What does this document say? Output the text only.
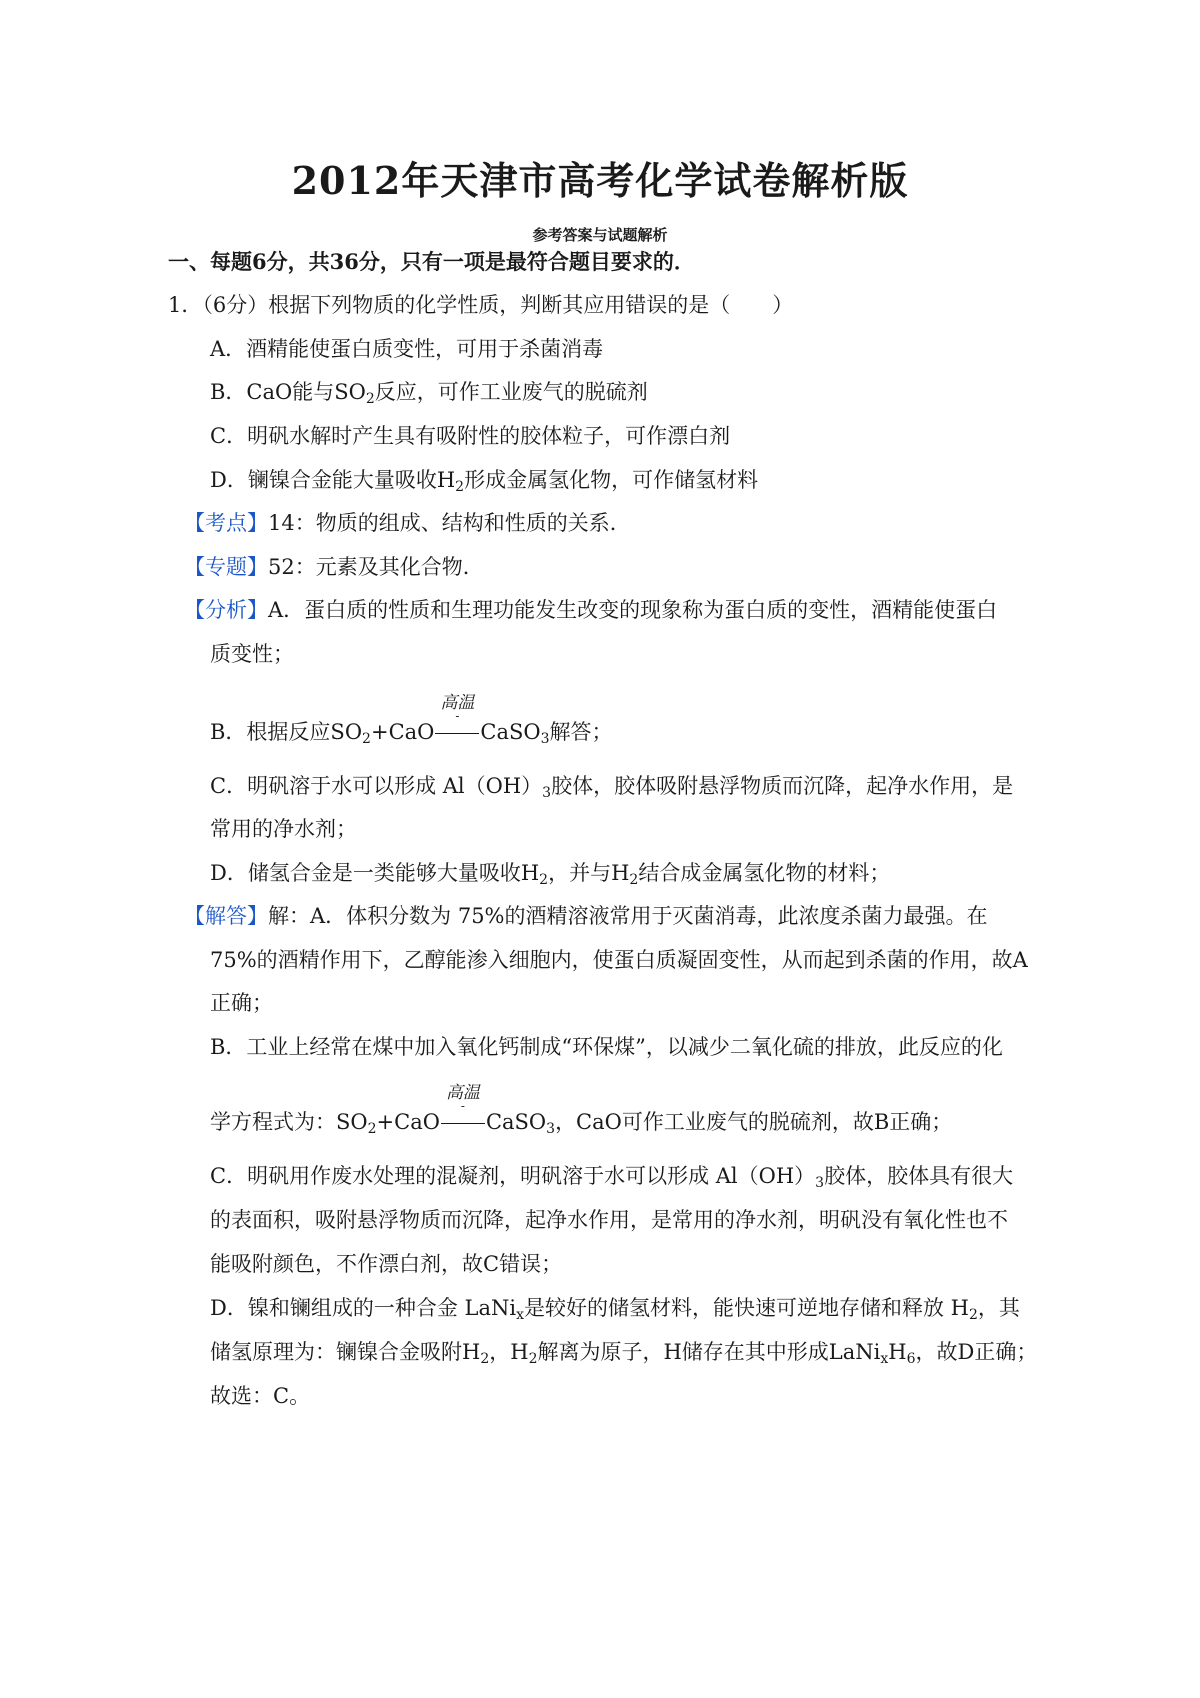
2012年天津市高考化学试卷解析版
参考答案与试题解析
一、每题6分，共36分，只有一项是最符合题目要求的．
1．（6分）根据下列物质的化学性质，判断其应用错误的是（　　）
A．酒精能使蛋白质变性，可用于杀菌消毒
B．CaO能与$SO_2$反应，可作工业废气的脱硫剂
C．明矾水解时产生具有吸附性的胶体粒子，可作漂白剂
D．镧镍合金能大量吸收$H_2$形成金属氢化物，可作储氢材料
【考点】14：物质的组成、结构和性质的关系．
【专题】52：元素及其化合物．
【分析】A．蛋白质的性质和生理功能发生改变的现象称为蛋白质的变性，酒精能使蛋白
质变性；
B．根据反应$SO_2+CaO$
高温
-
CaSO$_3$解答；
C．明矾溶于水可以形成 $Al(OH)_3$胶体，胶体吸附悬浮物质而沉降，起净水作用，是
常用的净水剂；
D．储氢合金是一类能够大量吸收$H_2$，并与$H_2$结合成金属氢化物的材料；
【解答】解：A．体积分数为 75%的酒精溶液常用于灭菌消毒，此浓度杀菌力最强。在
75%的酒精作用下，乙醇能渗入细胞内，使蛋白质凝固变性，从而起到杀菌的作用，故A
正确；
B．工业上经常在煤中加入氧化钙制成“环保煤”，以减少二氧化硫的排放，此反应的化
学方程式为：$SO_2+CaO$
高温
-
CaSO$_3$，CaO可作工业废气的脱硫剂，故B正确；
C．明矾用作废水处理的混凝剂，明矾溶于水可以形成 $Al(OH)_3$胶体，胶体具有很大
的表面积，吸附悬浮物质而沉降，起净水作用，是常用的净水剂，明矾没有氧化性也不
能吸附颜色，不作漂白剂，故C错误；
D．镍和镧组成的一种合金 LaNi$_x$是较好的储氢材料，能快速可逆地存储和释放 $H_2$，其
储氢原理为：镧镍合金吸附$H_2$，$H_2$解离为原子，H储存在其中形成$LaNi_xH_6$，故D正确；
故选：C。
